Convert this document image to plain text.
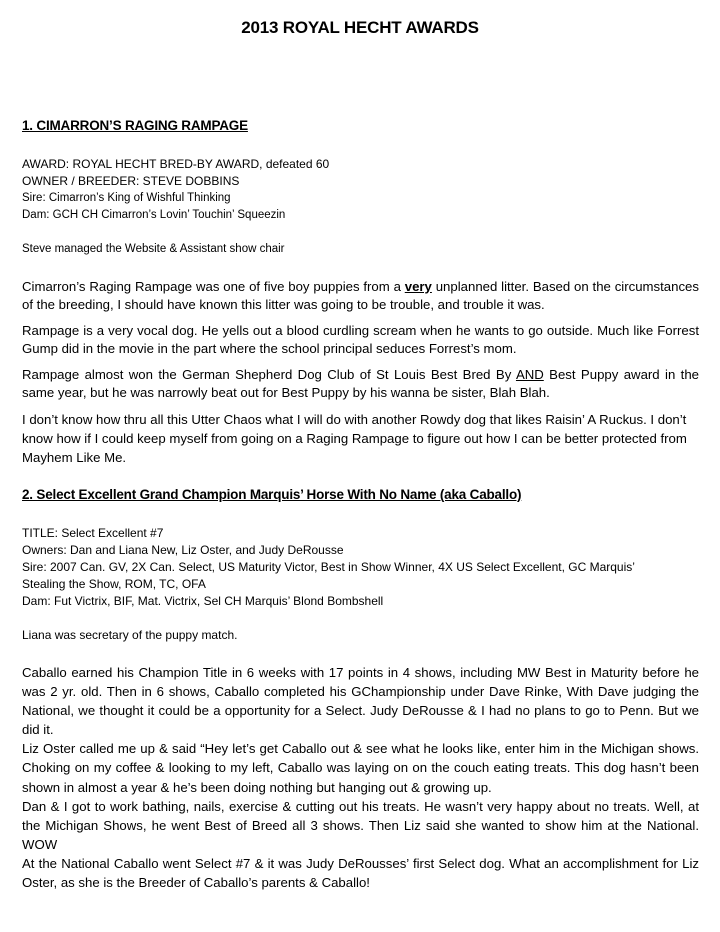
2013 ROYAL HECHT AWARDS
1. CIMARRON’S RAGING RAMPAGE
AWARD: ROYAL HECHT BRED-BY AWARD, defeated 60
OWNER / BREEDER: STEVE DOBBINS
Sire: Cimarron’s King of Wishful Thinking
Dam: GCH CH Cimarron’s Lovin’ Touchin’ Squeezin
Steve managed the Website & Assistant show chair
Cimarron’s Raging Rampage was one of five boy puppies from a very unplanned litter. Based on the circumstances of the breeding, I should have known this litter was going to be trouble, and trouble it was.
Rampage is a very vocal dog. He yells out a blood curdling scream when he wants to go outside. Much like Forrest Gump did in the movie in the part where the school principal seduces Forrest’s mom.
Rampage almost won the German Shepherd Dog Club of St Louis Best Bred By AND Best Puppy award in the same year, but he was narrowly beat out for Best Puppy by his wanna be sister, Blah Blah.
I don’t know how thru all this Utter Chaos what I will do with another Rowdy dog that likes Raisin’ A Ruckus. I don’t know how if I could keep myself from going on a Raging Rampage to figure out how I can be better protected from Mayhem Like Me.
2. Select Excellent Grand Champion Marquis’ Horse With No Name (aka Caballo)
TITLE: Select Excellent #7
Owners: Dan and Liana New, Liz Oster, and Judy DeRousse
Sire: 2007 Can. GV, 2X Can. Select, US Maturity Victor, Best in Show Winner, 4X US Select Excellent, GC Marquis’
Stealing the Show, ROM, TC, OFA
Dam: Fut Victrix, BIF, Mat. Victrix, Sel CH Marquis’ Blond Bombshell
Liana was secretary of the puppy match.
Caballo earned his Champion Title in 6 weeks with 17 points in 4 shows, including MW Best in Maturity before he was 2 yr. old. Then in 6 shows, Caballo completed his GChampionship under Dave Rinke, With Dave judging the National, we thought it could be a opportunity for a Select. Judy DeRousse & I had no plans to go to Penn. But we did it.
Liz Oster called me up & said “Hey let’s get Caballo out & see what he looks like, enter him in the Michigan shows. Choking on my coffee & looking to my left, Caballo was laying on on the couch eating treats. This dog hasn’t been shown in almost a year & he’s been doing nothing but hanging out & growing up.
Dan & I got to work bathing, nails, exercise & cutting out his treats. He wasn’t very happy about no treats. Well, at the Michigan Shows, he went Best of Breed all 3 shows. Then Liz said she wanted to show him at the National. WOW
At the National Caballo went Select #7 & it was Judy DeRousses’ first Select dog. What an accomplishment for Liz Oster, as she is the Breeder of Caballo’s parents & Caballo!
